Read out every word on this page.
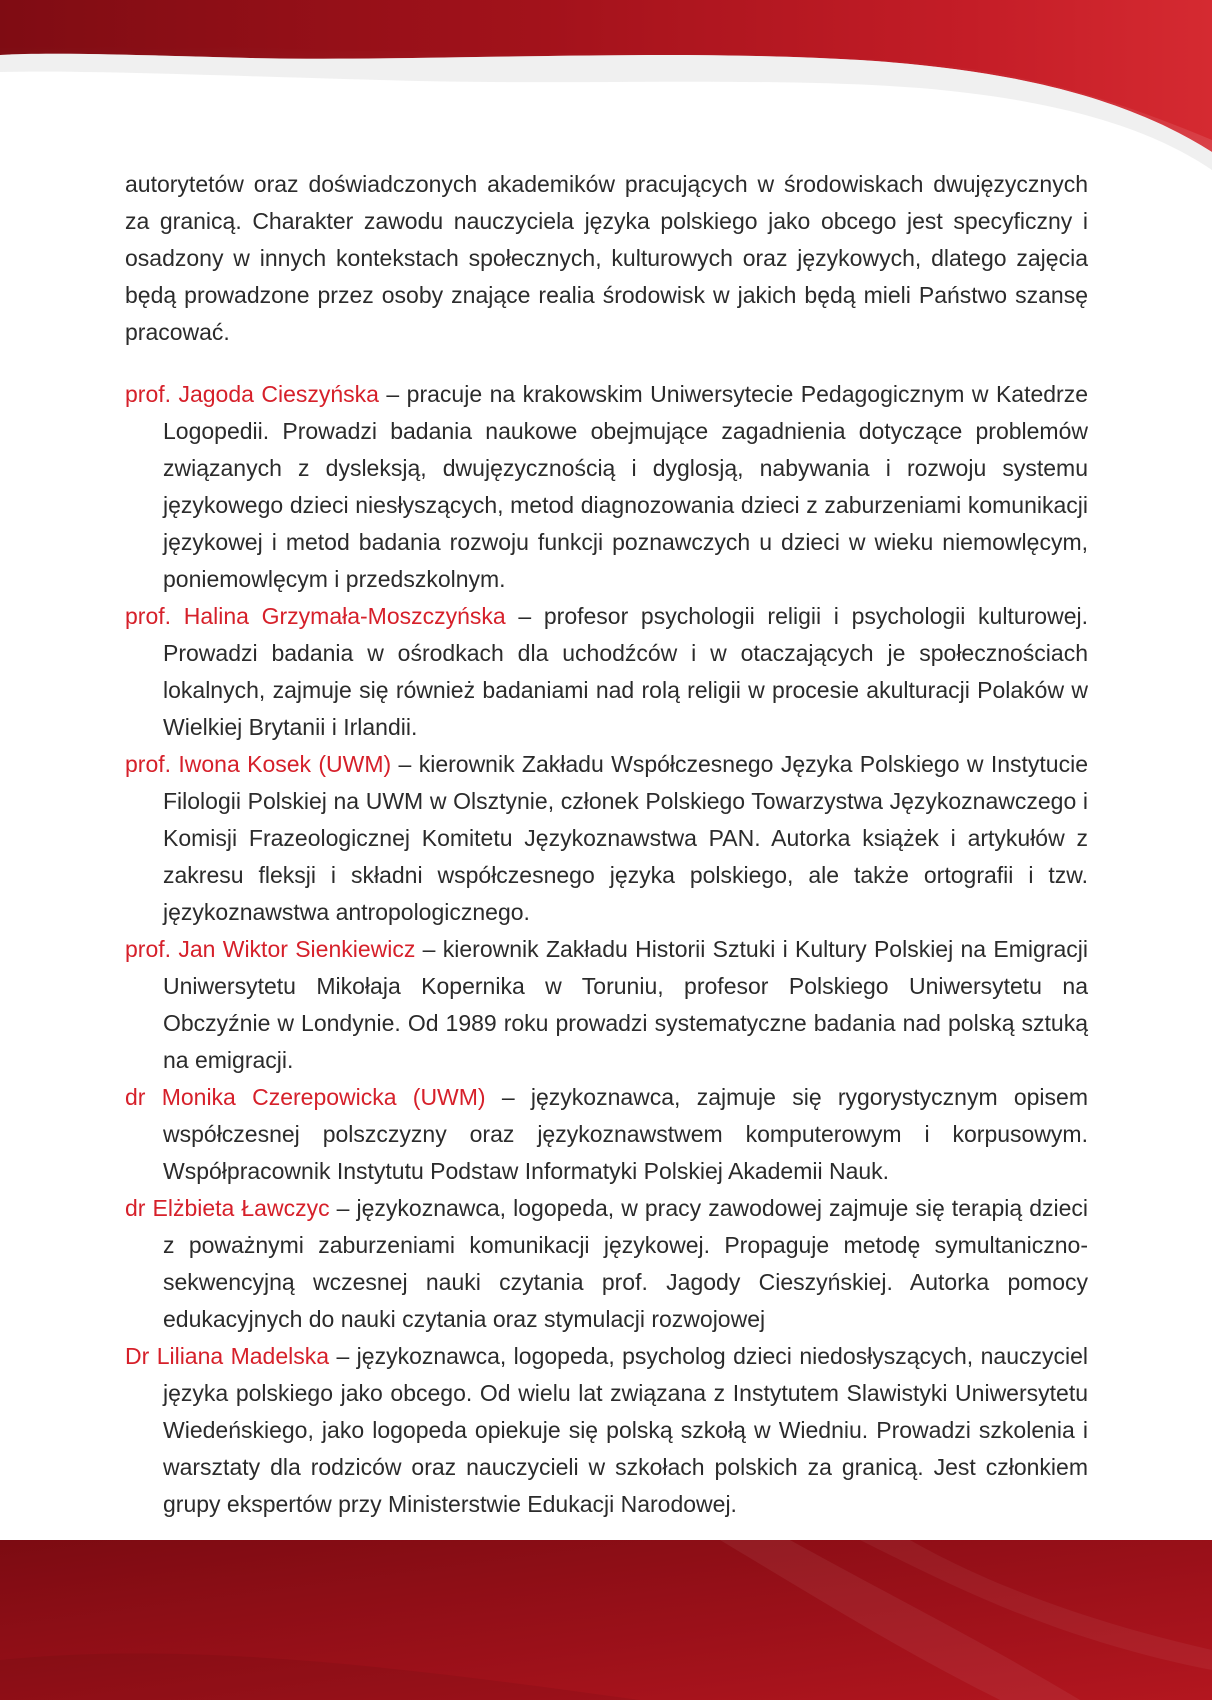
autorytetów oraz doświadczonych akademików pracujących w środowiskach dwujęzycznych za granicą. Charakter zawodu nauczyciela języka polskiego jako obcego jest specyficzny i osadzony w innych kontekstach społecznych, kulturowych oraz językowych, dlatego zajęcia będą prowadzone przez osoby znające realia środowisk w jakich będą mieli Państwo szansę pracować.

prof. Jagoda Cieszyńska – pracuje na krakowskim Uniwersytecie Pedagogicznym w Katedrze Logopedii. Prowadzi badania naukowe obejmujące zagadnienia dotyczące problemów związanych z dysleksją, dwujęzycznością i dyglosją, nabywania i rozwoju systemu językowego dzieci niesłyszących, metod diagnozowania dzieci z zaburzeniami komunikacji językowej i metod badania rozwoju funkcji poznawczych u dzieci w wieku niemowlęcym, poniemowlęcym i przedszkolnym.
prof. Halina Grzymała-Moszczyńska – profesor psychologii religii i psychologii kulturowej. Prowadzi badania w ośrodkach dla uchodźców i w otaczających je społecznościach lokalnych, zajmuje się również badaniami nad rolą religii w procesie akulturacji Polaków w Wielkiej Brytanii i Irlandii.
prof. Iwona Kosek (UWM) – kierownik Zakładu Współczesnego Języka Polskiego w Instytucie Filologii Polskiej na UWM w Olsztynie, członek Polskiego Towarzystwa Językoznawczego i Komisji Frazeologicznej Komitetu Językoznawstwa PAN. Autorka książek i artykułów z zakresu fleksji i składni współczesnego języka polskiego, ale także ortografii i tzw. językoznawstwa antropologicznego.
prof. Jan Wiktor Sienkiewicz – kierownik Zakładu Historii Sztuki i Kultury Polskiej na Emigracji Uniwersytetu Mikołaja Kopernika w Toruniu, profesor Polskiego Uniwersytetu na Obczyźnie w Londynie. Od 1989 roku prowadzi systematyczne badania nad polską sztuką na emigracji.
dr Monika Czerepowicka (UWM) – językoznawca, zajmuje się rygorystycznym opisem współczesnej polszczyzny oraz językoznawstwem komputerowym i korpusowym. Współpracownik Instytutu Podstaw Informatyki Polskiej Akademii Nauk.
dr Elżbieta Ławczyc – językoznawca, logopeda, w pracy zawodowej zajmuje się terapią dzieci z poważnymi zaburzeniami komunikacji językowej. Propaguje metodę symultaniczno-sekwencyjną wczesnej nauki czytania prof. Jagody Cieszyńskiej. Autorka pomocy edukacyjnych do nauki czytania oraz stymulacji rozwojowej
Dr Liliana Madelska – językoznawca, logopeda, psycholog dzieci niedosłyszących, nauczyciel języka polskiego jako obcego. Od wielu lat związana z Instytutem Slawistyki Uniwersytetu Wiedeńskiego, jako logopeda opiekuje się polską szkołą w Wiedniu. Prowadzi szkolenia i warsztaty dla rodziców oraz nauczycieli w szkołach polskich za granicą. Jest członkiem grupy ekspertów przy Ministerstwie Edukacji Narodowej.
